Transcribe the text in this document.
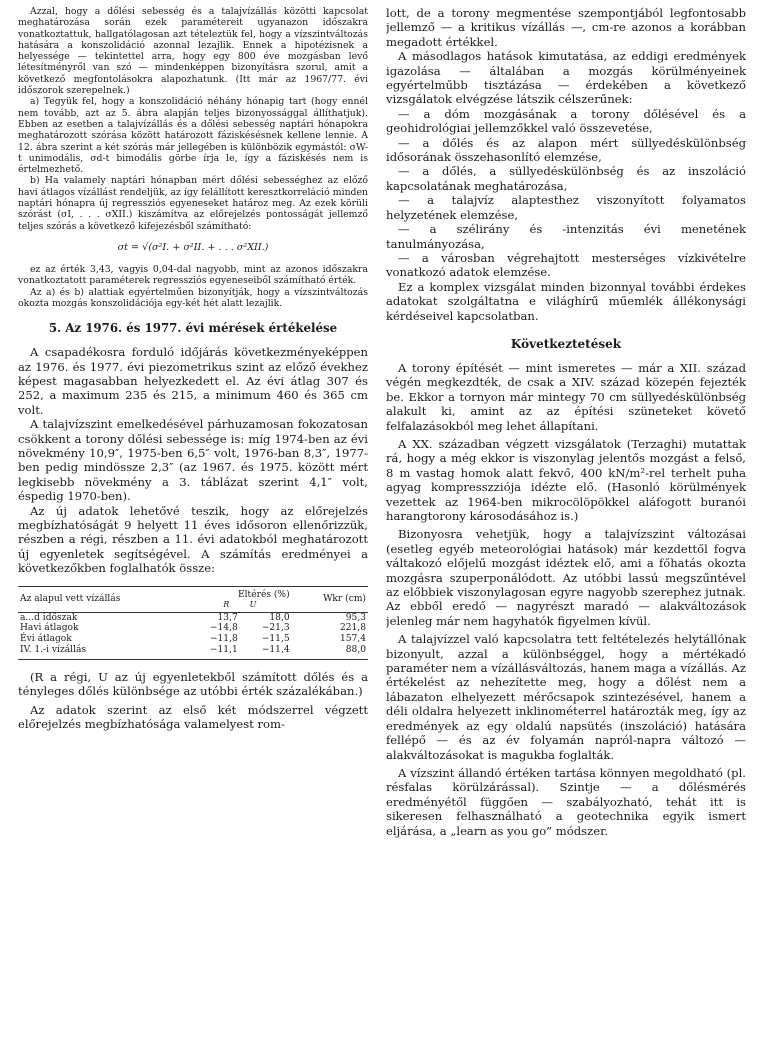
Azzal, hogy a dőlési sebesség és a talajvízállás közötti kapcsolat meghatározása során ezek paramétereit ugyanazon időszakra vonatkoztattuk, hallgatólagosan azt tételeztük fel, hogy a vízszintváltozás hatására a konszolidáció azonnal lezajlik. Ennek a hipotézisnek a helyessége — tekintettel arra, hogy egy 800 éve mozgásban levő létesítményről van szó — mindenképpen bizonyításra szorul, amit a következő megfontolásokra alapozhatunk. (Itt már az 1967/77. évi időszorok szerepelnek.)

a) Tegyük fel, hogy a konszolidáció néhány hónapig tart (hogy ennél nem tovább, azt az 5. ábra alapján teljes bizonyossággal állíthatjuk). Ebben az esetben a talajvízállás és a dőlési sebesség naptári hónapokra meghatározott szórása között határozott fáziskésésnek kellene lennie. A 12. ábra szerint a két szórás már jellegében is különbözik egymástól: σW-t unimodális, σd-t bimodális görbe írja le, így a fáziskésés nem is értelmezhető.

b) Ha valamely naptári hónapban mért dőlési sebességhez az előző havi átlagos vízállást rendeljük, az így felállított keresztkorreláció minden naptári hónapra új regressziós egyeneseket határoz meg. Az ezek körüli szórást (σI, . . . σXII.) kiszámítva az előrejelzés pontosságát jellemző teljes szórás a következő kifejezésből számítható:

σt = √(σ²I. + σ²II. + . . . σ²XII.)

ez az érték 3,43, vagyis 0,04-dal nagyobb, mint az azonos időszakra vonatkoztatott paraméterek regressziós egyeneseiből számítható érték.

Az a) és b) alattiak egyértelműen bizonyítják, hogy a vízszintváltozás okozta mozgás konszolidációja egy-két hét alatt lezajlik.

5. Az 1976. és 1977. évi mérések értékelése

A csapadékosra forduló időjárás következményeképpen az 1976. és 1977. évi piezometrikus szint az előző évekhez képest magasabban helyezkedett el. Az évi átlag 307 és 252, a maximum 235 és 215, a minimum 460 és 365 cm volt.

A talajvízszint emelkedésével párhuzamosan fokozatosan csökkent a torony dőlési sebessége is: míg 1974-ben az évi növekmény 10,9″, 1975-ben 6,5″ volt, 1976-ban 8,3″, 1977-ben pedig mindössze 2,3″ (az 1967. és 1975. között mért legkisebb növekmény a 3. táblázat szerint 4,1″ volt, éspedig 1970-ben).

Az új adatok lehetővé teszik, hogy az előrejelzés megbízhatóságát 9 helyett 11 éves idősoron ellenőrizzük, részben a régi, részben a 11. évi adatokból meghatározott új egyenletek segítségével. A számítás eredményei a következőkben foglalhatók össze:

Az alapul vett vízállás	Eltérés (%)
R U		Wkr (cm)
a...d időszak	13,7	18,0	95,3
Havi átlagok	−14,8	−21,3	221,8
Évi átlagok	−11,8	−11,5	157,4
IV. 1.-i vízállás	−11,1	−11,4	88,0

(R a régi, U az új egyenletekből számított dőlés és a tényleges dőlés különbsége az utóbbi érték százalékában.)

Az adatok szerint az első két módszerrel végzett előrejelzés megbízhatósága valamelyest rom-

lott, de a torony megmentése szempontjából legfontosabb jellemző — a kritikus vízállás —, cm-re azonos a korábban megadott értékkel.

A másodlagos hatások kimutatása, az eddigi eredmények igazolása — általában a mozgás körülményeinek egyértelműbb tisztázása — érdekében a következő vizsgálatok elvégzése látszik célszerűnek:

— a dóm mozgásának a torony dőlésével és a geohidrológiai jellemzőkkel való összevetése,

— a dőlés és az alapon mért süllyedéskülönbség idősorának összehasonlító elemzése,

— a dőlés, a süllyedéskülönbség és az inszoláció kapcsolatának meghatározása,

— a talajvíz alaptesthez viszonyított folyamatos helyzetének elemzése,

— a szélirány és -intenzitás évi menetének tanulmányozása,

— a városban végrehajtott mesterséges vízkivételre vonatkozó adatok elemzése.

Ez a komplex vizsgálat minden bizonnyal további érdekes adatokat szolgáltatna e világhírű műemlék állékonysági kérdéseivel kapcsolatban.

Következtetések

A torony építését — mint ismeretes — már a XII. század végén megkezdték, de csak a XIV. század közepén fejezték be. Ekkor a tornyon már mintegy 70 cm süllyedéskülönbség alakult ki, amint az az építési szüneteket követő felfalazásokból meg lehet állapítani.

A XX. században végzett vizsgálatok (Terzaghi) mutattak rá, hogy a még ekkor is viszonylag jelentős mozgást a felső, 8 m vastag homok alatt fekvő, 400 kN/m²-rel terhelt puha agyag kompresszziója idézte elő. (Hasonló körülmények vezettek az 1964-ben mikrocölöpökkel aláfogott buranói harangtorony károsodásához is.)

Bizonyosra vehetjük, hogy a talajvízszint változásai (esetleg egyéb meteorológiai hatások) már kezdettől fogva váltakozó előjelű mozgást idéztek elő, ami a főhatás okozta mozgásra szuperponálódott. Az utóbbi lassú megszűntével az előbbiek viszonylagosan egyre nagyobb szerephez jutnak. Az ebből eredő — nagyrészt maradó — alakváltozások jelenleg már nem hagyhatók figyelmen kívül.

A talajvízzel való kapcsolatra tett feltételezés helytállónak bizonyult, azzal a különbséggel, hogy a mértékadó paraméter nem a vízállásváltozás, hanem maga a vízállás. Az értékelést az nehezítette meg, hogy a dőlést nem a lábazaton elhelyezett mérőcsapok szintezésével, hanem a déli oldalra helyezett inklinométerrel határozták meg, így az eredmények az egy oldalú napsütés (inszoláció) hatására fellépő — és az év folyamán napról-napra változó — alakváltozásokat is magukba foglalták.

A vízszint állandó értéken tartása könnyen megoldható (pl. résfalas körülzárással). Szintje — a dőlésmérés eredményétől függően — szabályozható, tehát itt is sikeresen felhasználható a geotechnika egyik ismert eljárása, a „learn as you go” módszer.
